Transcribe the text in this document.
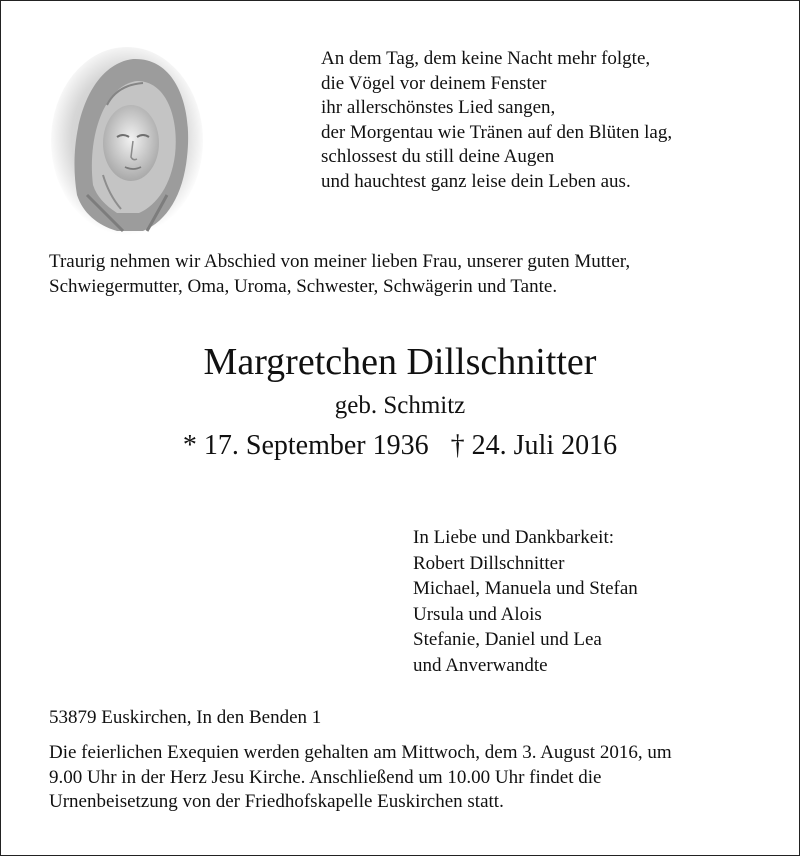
An dem Tag, dem keine Nacht mehr folgte,
die Vögel vor deinem Fenster
ihr allerschönstes Lied sangen,
der Morgentau wie Tränen auf den Blüten lag,
schlossest du still deine Augen
und hauchtest ganz leise dein Leben aus.
Traurig nehmen wir Abschied von meiner lieben Frau, unserer guten Mutter,
Schwiegermutter, Oma, Uroma, Schwester, Schwägerin und Tante.
Margretchen Dillschnitter
geb. Schmitz
* 17. September 1936 † 24. Juli 2016
In Liebe und Dankbarkeit:
Robert Dillschnitter
Michael, Manuela und Stefan
Ursula und Alois
Stefanie, Daniel und Lea
und Anverwandte
53879 Euskirchen, In den Benden 1
Die feierlichen Exequien werden gehalten am Mittwoch, dem 3. August 2016, um
9.00 Uhr in der Herz Jesu Kirche. Anschließend um 10.00 Uhr findet die
Urnenbeisetzung von der Friedhofskapelle Euskirchen statt.
